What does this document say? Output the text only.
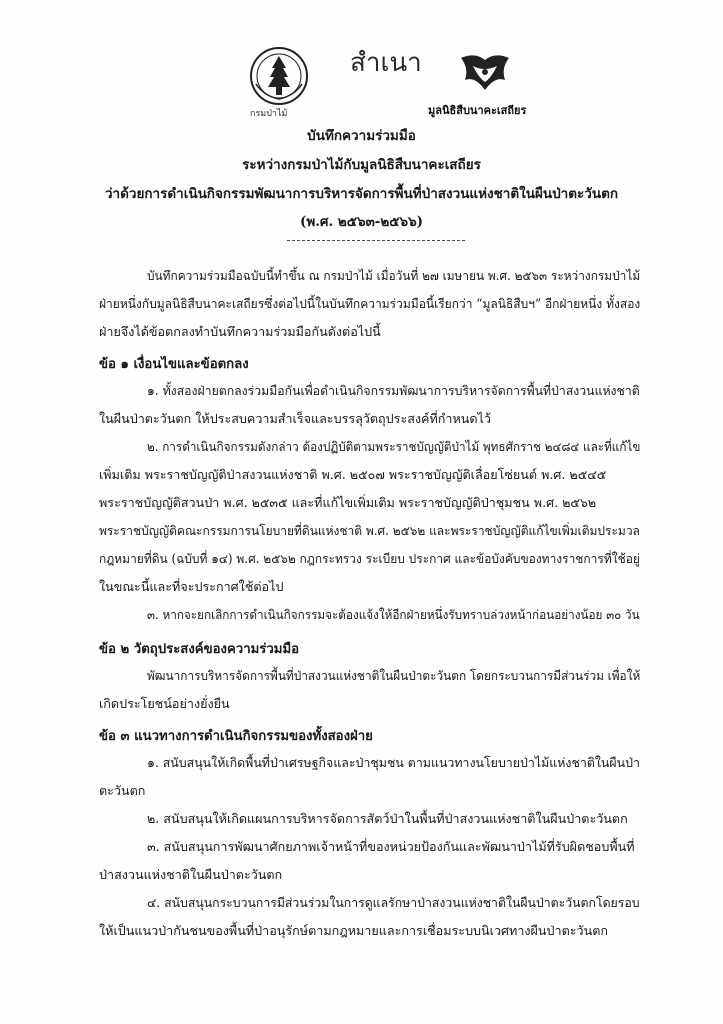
กรมป่าไม้
สำเนา
มูลนิธิสืบนาคะเสถียร
บันทึกความร่วมมือ
ระหว่างกรมป่าไม้กับมูลนิธิสืบนาคะเสถียร
ว่าด้วยการดำเนินกิจกรรมพัฒนาการบริหารจัดการพื้นที่ป่าสงวนแห่งชาติในผืนป่าตะวันตก
(พ.ศ. ๒๕๖๓-๒๕๖๖)
บันทึกความร่วมมือฉบับนี้ทำขึ้น ณ กรมป่าไม้ เมื่อวันที่ ๒๗ เมษายน พ.ศ. ๒๕๖๓ ระหว่างกรมป่าไม้
ฝ่ายหนึ่งกับมูลนิธิสืบนาคะเสถียรซึ่งต่อไปนี้ในบันทึกความร่วมมือนี้เรียกว่า “มูลนิธิสืบฯ” อีกฝ่ายหนึ่ง ทั้งสอง
ฝ่ายจึงได้ข้อตกลงทำบันทึกความร่วมมือกันดังต่อไปนี้
ข้อ ๑ เงื่อนไขและข้อตกลง
๑. ทั้งสองฝ่ายตกลงร่วมมือกันเพื่อดำเนินกิจกรรมพัฒนาการบริหารจัดการพื้นที่ป่าสงวนแห่งชาติ
ในผืนป่าตะวันตก ให้ประสบความสำเร็จและบรรลุวัตถุประสงค์ที่กำหนดไว้
๒. การดำเนินกิจกรรมดังกล่าว ต้องปฏิบัติตามพระราชบัญญัติป่าไม้ พุทธศักราช ๒๔๘๔ และที่แก้ไข
เพิ่มเติม พระราชบัญญัติป่าสงวนแห่งชาติ พ.ศ. ๒๕๐๗ พระราชบัญญัติเลื่อยโซ่ยนต์ พ.ศ. ๒๕๔๕
พระราชบัญญัติสวนป่า พ.ศ. ๒๕๓๕ และที่แก้ไขเพิ่มเติม พระราชบัญญัติป่าชุมชน พ.ศ. ๒๕๖๒
พระราชบัญญัติคณะกรรมการนโยบายที่ดินแห่งชาติ พ.ศ. ๒๕๖๒ และพระราชบัญญัติแก้ไขเพิ่มเติมประมวล
กฎหมายที่ดิน (ฉบับที่ ๑๔) พ.ศ. ๒๕๖๒ กฎกระทรวง ระเบียบ ประกาศ และข้อบังคับของทางราชการที่ใช้อยู่
ในขณะนี้และที่จะประกาศใช้ต่อไป
๓. หากจะยกเลิกการดำเนินกิจกรรมจะต้องแจ้งให้อีกฝ่ายหนึ่งรับทราบล่วงหน้าก่อนอย่างน้อย ๓๐ วัน
ข้อ ๒ วัตถุประสงค์ของความร่วมมือ
พัฒนาการบริหารจัดการพื้นที่ป่าสงวนแห่งชาติในผืนป่าตะวันตก โดยกระบวนการมีส่วนร่วม เพื่อให้
เกิดประโยชน์อย่างยั่งยืน
ข้อ ๓ แนวทางการดำเนินกิจกรรมของทั้งสองฝ่าย
๑. สนับสนุนให้เกิดพื้นที่ป่าเศรษฐกิจและป่าชุมชน ตามแนวทางนโยบายป่าไม้แห่งชาติในผืนป่า
ตะวันตก
๒. สนับสนุนให้เกิดแผนการบริหารจัดการสัตว์ป่าในพื้นที่ป่าสงวนแห่งชาติในผืนป่าตะวันตก
๓. สนับสนุนการพัฒนาศักยภาพเจ้าหน้าที่ของหน่วยป้องกันและพัฒนาป่าไม้ที่รับผิดชอบพื้นที่
ป่าสงวนแห่งชาติในผืนป่าตะวันตก
๔. สนับสนุนกระบวนการมีส่วนร่วมในการดูแลรักษาป่าสงวนแห่งชาติในผืนป่าตะวันตกโดยรอบ
ให้เป็นแนวป่ากันชนของพื้นที่ป่าอนุรักษ์ตามกฎหมายและการเชื่อมระบบนิเวศทางผืนป่าตะวันตก
